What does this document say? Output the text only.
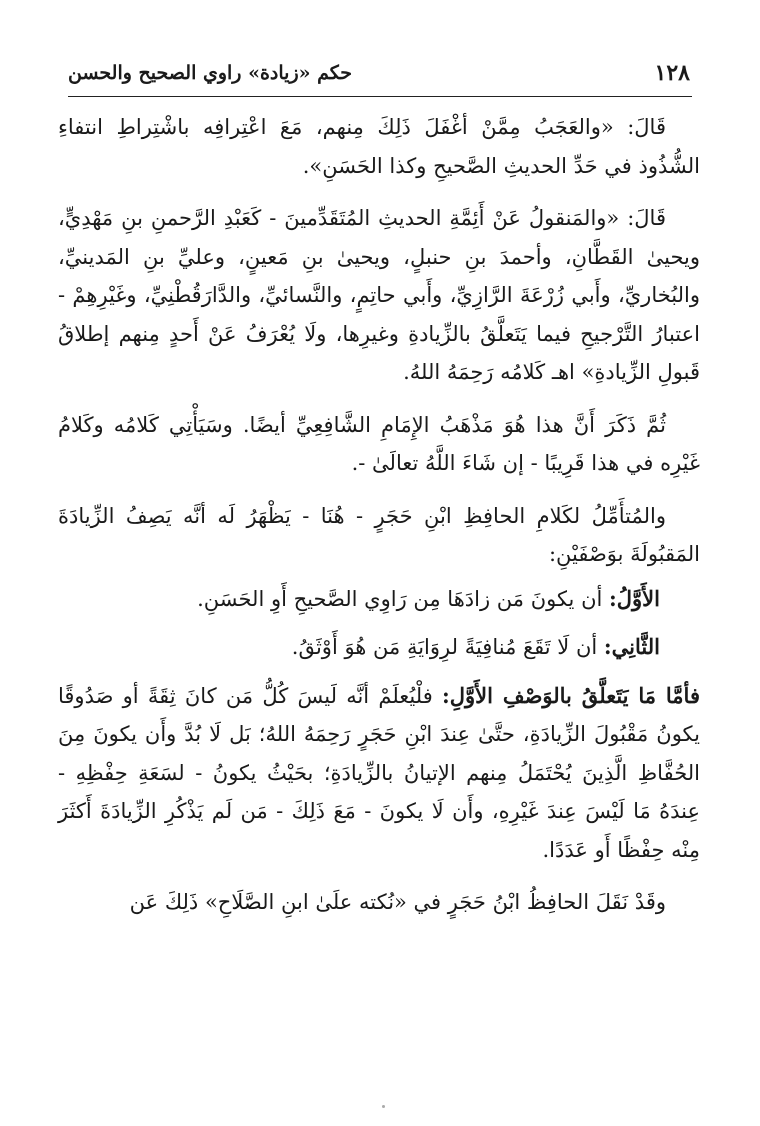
١٢٨
حكم «زيادة» راوي الصحيح والحسن

قَالَ: «والعَجَبُ مِمَّنْ أغْفَلَ ذَلِكَ مِنهم، مَعَ اعْتِرافِه باشْتِراطِ انتفاءِ الشُّذُوذ في حَدِّ الحديثِ الصَّحيحِ وكذا الحَسَنِ».

قَالَ: «والمَنقولُ عَنْ أَئِمَّةِ الحديثِ المُتَقَدِّمينَ - كَعَبْدِ الرَّحمنِ بنِ مَهْدِيٍّ، ويحيىٰ القَطَّانِ، وأحمدَ بنِ حنبلٍ، ويحيىٰ بنِ مَعينٍ، وعليِّ بنِ المَدينيِّ، والبُخاريِّ، وأَبي زُرْعَةَ الرَّازِيِّ، وأَبي حاتِمٍ، والنَّسائيِّ، والدَّارَقُطْنِيِّ، وغَيْرِهِمْ - اعتبارُ التَّرْجيحِ فيما يَتَعلَّقُ بالزِّيادةِ وغيرِها، ولَا يُعْرَفُ عَنْ أَحدٍ مِنهم إطلاقُ قَبولِ الزِّيادةِ» اهـ كَلامُه رَحِمَهُ اللهُ.

ثُمَّ ذَكَرَ أَنَّ هذا هُوَ مَذْهَبُ الإِمَامِ الشَّافِعِيِّ أيضًا. وسَيَأْتِي كَلامُه وكَلامُ غَيْرِه في هذا قَرِيبًا - إن شَاءَ اللَّهُ تعالَىٰ -.

والمُتأَمِّلُ لكَلامِ الحافِظِ ابْنِ حَجَرٍ - هُنَا - يَظْهَرُ لَه أنَّه يَصِفُ الزِّيادَةَ المَقبُولَةَ بوَصْفَيْنِ:

الأَوَّلُ: أن يكونَ مَن زادَهَا مِن رَاوِي الصَّحيحِ أَوِ الحَسَنِ.

الثَّانِي: أن لَا تَقَعَ مُنافِيَةً لرِوَايَةِ مَن هُوَ أَوْثَقُ.

فأمَّا مَا يَتَعلَّقُ بالوَصْفِ الأَوَّلِ: فلْيُعلَمْ أنَّه لَيسَ كُلُّ مَن كانَ ثِقَةً أو صَدُوقًا يكونُ مَقْبُولَ الزِّيادَةِ، حتَّىٰ عِندَ ابْنِ حَجَرٍ رَحِمَهُ اللهُ؛ بَل لَا بُدَّ وأَن يكونَ مِنَ الحُفَّاظِ الَّذِينَ يُحْتَمَلُ مِنهم الإتيانُ بالزِّيادَةِ؛ بحَيْثُ يكونُ - لسَعَةِ حِفْظِهِ - عِندَهُ مَا لَيْسَ عِندَ غَيْرِهِ، وأَن لَا يكونَ - مَعَ ذَلِكَ - مَن لَم يَذْكُرِ الزِّيادَةَ أَكثَرَ مِنْه حِفْظًا أَو عَدَدًا.

وقَدْ نَقَلَ الحافِظُ ابْنُ حَجَرٍ في «نُكته علَىٰ ابنِ الصَّلَاحِ» ذَلِكَ عَن
